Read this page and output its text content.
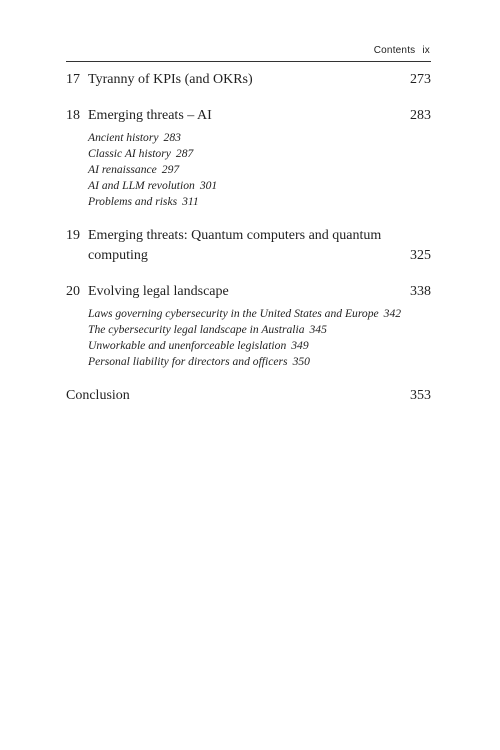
Contents ix
17 Tyranny of KPIs (and OKRs)	273
18 Emerging threats – AI	283
Ancient history 283
Classic AI history 287
AI renaissance 297
AI and LLM revolution 301
Problems and risks 311
19 Emerging threats: Quantum computers and quantum computing	325
20 Evolving legal landscape	338
Laws governing cybersecurity in the United States and Europe 342
The cybersecurity legal landscape in Australia 345
Unworkable and unenforceable legislation 349
Personal liability for directors and officers 350
Conclusion	353
